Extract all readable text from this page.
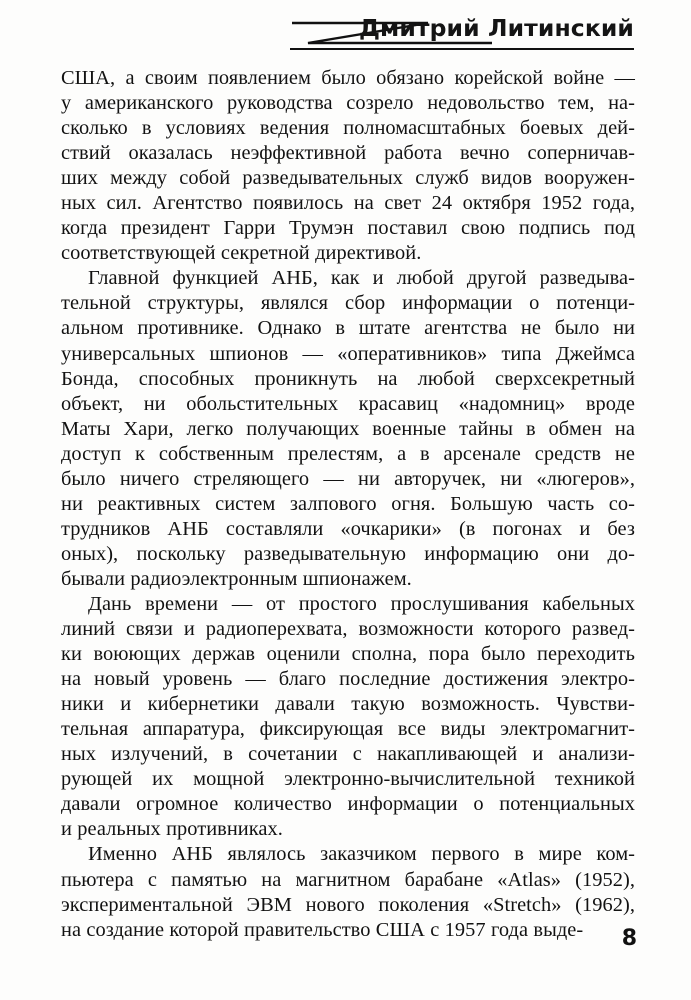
Дмитрий Литинский

США, а своим появлением было обязано корейской войне —
у американского руководства созрело недовольство тем, на-
сколько в условиях ведения полномасштабных боевых дей-
ствий оказалась неэффективной работа вечно соперничав-
ших между собой разведывательных служб видов вооружен-
ных сил. Агентство появилось на свет 24 октября 1952 года,
когда президент Гарри Трумэн поставил свою подпись под
соответствующей секретной директивой.

Главной функцией АНБ, как и любой другой разведыва-
тельной структуры, являлся сбор информации о потенци-
альном противнике. Однако в штате агентства не было ни
универсальных шпионов — «оперативников» типа Джеймса
Бонда, способных проникнуть на любой сверхсекретный
объект, ни обольстительных красавиц «надомниц» вроде
Маты Хари, легко получающих военные тайны в обмен на
доступ к собственным прелестям, а в арсенале средств не
было ничего стреляющего — ни авторучек, ни «люгеров»,
ни реактивных систем залпового огня. Большую часть со-
трудников АНБ составляли «очкарики» (в погонах и без
оных), поскольку разведывательную информацию они до-
бывали радиоэлектронным шпионажем.

Дань времени — от простого прослушивания кабельных
линий связи и радиоперехвата, возможности которого развед-
ки воюющих держав оценили сполна, пора было переходить
на новый уровень — благо последние достижения электро-
ники и кибернетики давали такую возможность. Чувстви-
тельная аппаратура, фиксирующая все виды электромагнит-
ных излучений, в сочетании с накапливающей и анализи-
рующей их мощной электронно-вычислительной техникой
давали огромное количество информации о потенциальных
и реальных противниках.

Именно АНБ являлось заказчиком первого в мире ком-
пьютера с памятью на магнитном барабане «Atlas» (1952),
экспериментальной ЭВМ нового поколения «Stretch» (1962),
на создание которой правительство США с 1957 года выде-	8
